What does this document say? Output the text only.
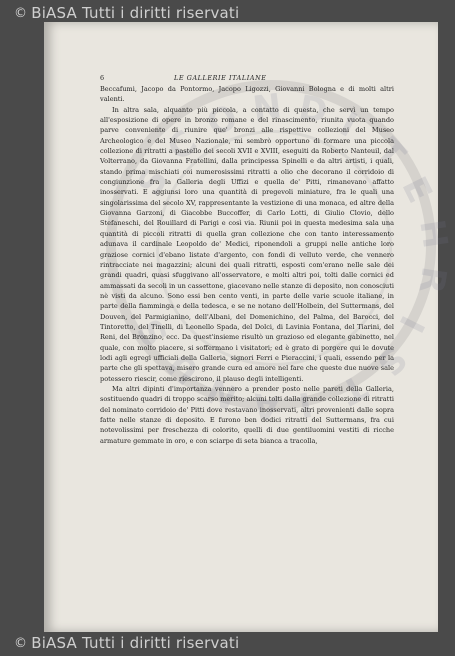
© BiASA Tutti i diritti riservati
S
C
O N D I
T
E
H
R
I
S
T
I
A
N
U
S
6	LE GALLERIE ITALIANE

Beccafumi, Jacopo da Pontormo, Jacopo Ligozzi, Giovanni Bologna e di molti altri valenti.

In altra sala, alquanto più piccola, a contatto di questa, che servì un tempo all'esposizione di opere in bronzo romane e del rinascimento, riunita vuota quando parve conveniente di riunire que' bronzi alle rispettive collezioni del Museo Archeologico e del Museo Nazionale, mi sembrò opportuno di formare una piccola collezione di ritratti a pastello dei secoli XVII e XVIII, eseguiti da Roberto Nanteuil, dal Volterrano, da Giovanna Fratellini, dalla principessa Spinelli e da altri artisti, i quali, stando prima mischiati coi numerosissimi ritratti a olio che decorano il corridoio di congiunzione fra la Galleria degli Uffizi e quella de' Pitti, rimanevano affatto inosservati. E aggiunsi loro una quantità di pregevoli miniature, fra le quali una singolarissima del secolo XV, rappresentante la vestizione di una monaca, ed altre della Giovanna Garzoni, di Giacobbe Buccoffer, di Carlo Lotti, di Giulio Clovio, dello Stefaneschi, del Rouillard di Parigi e così via. Riunii poi in questa medesima sala una quantità di piccoli ritratti di quella gran collezione che con tanto interessamento adunava il cardinale Leopoldo de' Medici, riponendoli a gruppi nelle antiche loro graziose cornici d'ebano listate d'argento, con fondi di velluto verde, che vennero rintracciate nei magazzini; alcuni dei quali ritratti, esposti com'erano nelle sale dei grandi quadri, quasi sfuggivano all'osservatore, e molti altri poi, tolti dalle cornici ed ammassati da secoli in un cassettone, giacevano nelle stanze di deposito, non conosciuti nè visti da alcuno. Sono essi ben cento venti, in parte delle varie scuole italiane, in parte della fiamminga e della tedesca, e se ne notano dell'Holbein, del Suttermans, del Douven, del Parmigianino, dell'Albani, del Domenichino, del Palma, del Barocci, del Tintoretto, del Tinelli, di Leonello Spada, del Dolci, di Lavinia Fontana, del Tiarini, del Reni, del Bronzino, ecc. Da quest'insieme risultò un grazioso ed elegante gabinetto, nel quale, con molto piacere, si soffermano i visitatori; ed è grato di porgere qui le dovute lodi agli egregi ufficiali della Galleria, signori Ferri e Pieraccini, i quali, essendo per la parte che gli spettava, misero grande cura ed amore nel fare che queste due nuove sale potessero riescir, come riescirono, il plauso degli intelligenti.

Ma altri dipinti d'importanza vennero a prender posto nelle pareti della Galleria, sostituendo quadri di troppo scarso merito; alcuni tolti dalla grande collezione di ritratti del nominato corridoio de' Pitti dove restavano inosservati, altri provenienti dalle sopra fatte nelle stanze di deposito. E furono ben dodici ritratti del Suttermans, fra cui notevolissimi per freschezza di colorito, quelli di due gentiluomini vestiti di ricche armature gemmate in oro, e con sciarpe di seta bianca a tracolla,

© BiASA Tutti i diritti riservati
